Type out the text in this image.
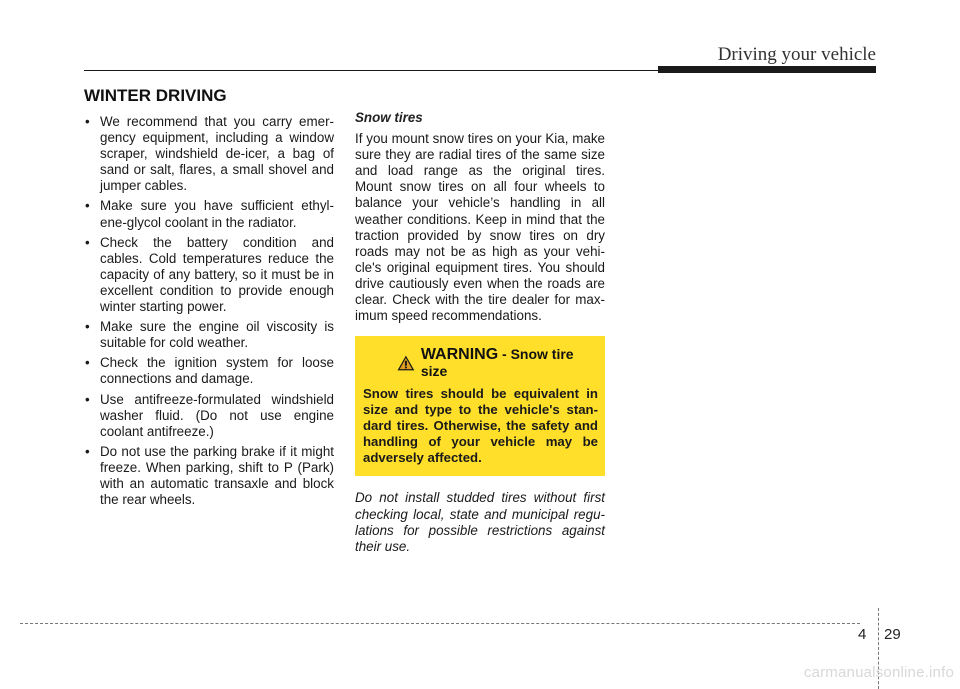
Driving your vehicle
WINTER DRIVING
• We recommend that you carry emer-gency equipment, including a window scraper, windshield de-icer, a bag of sand or salt, flares, a small shovel and jumper cables.
• Make sure you have sufficient ethyl-ene-glycol coolant in the radiator.
• Check the battery condition and cables. Cold temperatures reduce the capacity of any battery, so it must be in excellent condition to provide enough winter starting power.
• Make sure the engine oil viscosity is suitable for cold weather.
• Check the ignition system for loose connections and damage.
• Use antifreeze-formulated windshield washer fluid. (Do not use engine coolant antifreeze.)
• Do not use the parking brake if it might freeze. When parking, shift to P (Park) with an automatic transaxle and block the rear wheels.
Snow tires

If you mount snow tires on your Kia, make sure they are radial tires of the same size and load range as the original tires. Mount snow tires on all four wheels to balance your vehicle’s handling in all weather conditions. Keep in mind that the traction provided by snow tires on dry roads may not be as high as your vehi-cle's original equipment tires. You should drive cautiously even when the roads are clear. Check with the tire dealer for max-imum speed recommendations.

WARNING - Snow tire size

Snow tires should be equivalent in size and type to the vehicle's stan-dard tires. Otherwise, the safety and handling of your vehicle may be adversely affected.

Do not install studded tires without first checking local, state and municipal regu-lations for possible restrictions against their use.
4 29
carmanualsonline.info
